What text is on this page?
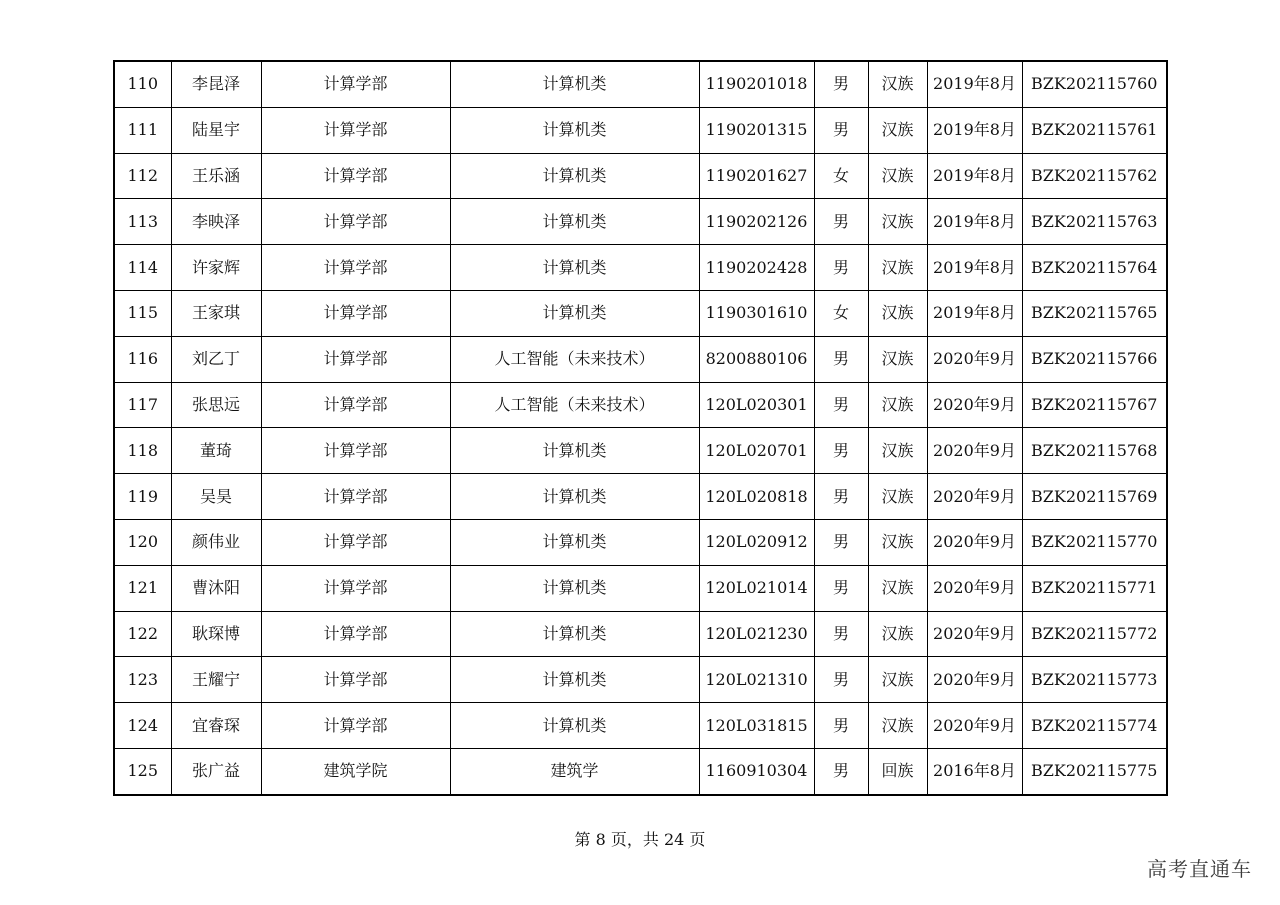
110	李昆泽	计算学部	计算机类	1190201018	男	汉族	2019年8月	BZK202115760
111	陆星宇	计算学部	计算机类	1190201315	男	汉族	2019年8月	BZK202115761
112	王乐涵	计算学部	计算机类	1190201627	女	汉族	2019年8月	BZK202115762
113	李映泽	计算学部	计算机类	1190202126	男	汉族	2019年8月	BZK202115763
114	许家辉	计算学部	计算机类	1190202428	男	汉族	2019年8月	BZK202115764
115	王家琪	计算学部	计算机类	1190301610	女	汉族	2019年8月	BZK202115765
116	刘乙丁	计算学部	人工智能（未来技术）	8200880106	男	汉族	2020年9月	BZK202115766
117	张思远	计算学部	人工智能（未来技术）	120L020301	男	汉族	2020年9月	BZK202115767
118	董琦	计算学部	计算机类	120L020701	男	汉族	2020年9月	BZK202115768
119	吴昊	计算学部	计算机类	120L020818	男	汉族	2020年9月	BZK202115769
120	颜伟业	计算学部	计算机类	120L020912	男	汉族	2020年9月	BZK202115770
121	曹沐阳	计算学部	计算机类	120L021014	男	汉族	2020年9月	BZK202115771
122	耿琛博	计算学部	计算机类	120L021230	男	汉族	2020年9月	BZK202115772
123	王耀宁	计算学部	计算机类	120L021310	男	汉族	2020年9月	BZK202115773
124	宜睿琛	计算学部	计算机类	120L031815	男	汉族	2020年9月	BZK202115774
125	张广益	建筑学院	建筑学	1160910304	男	回族	2016年8月	BZK202115775
第 8 页，共 24 页
高考直通车
